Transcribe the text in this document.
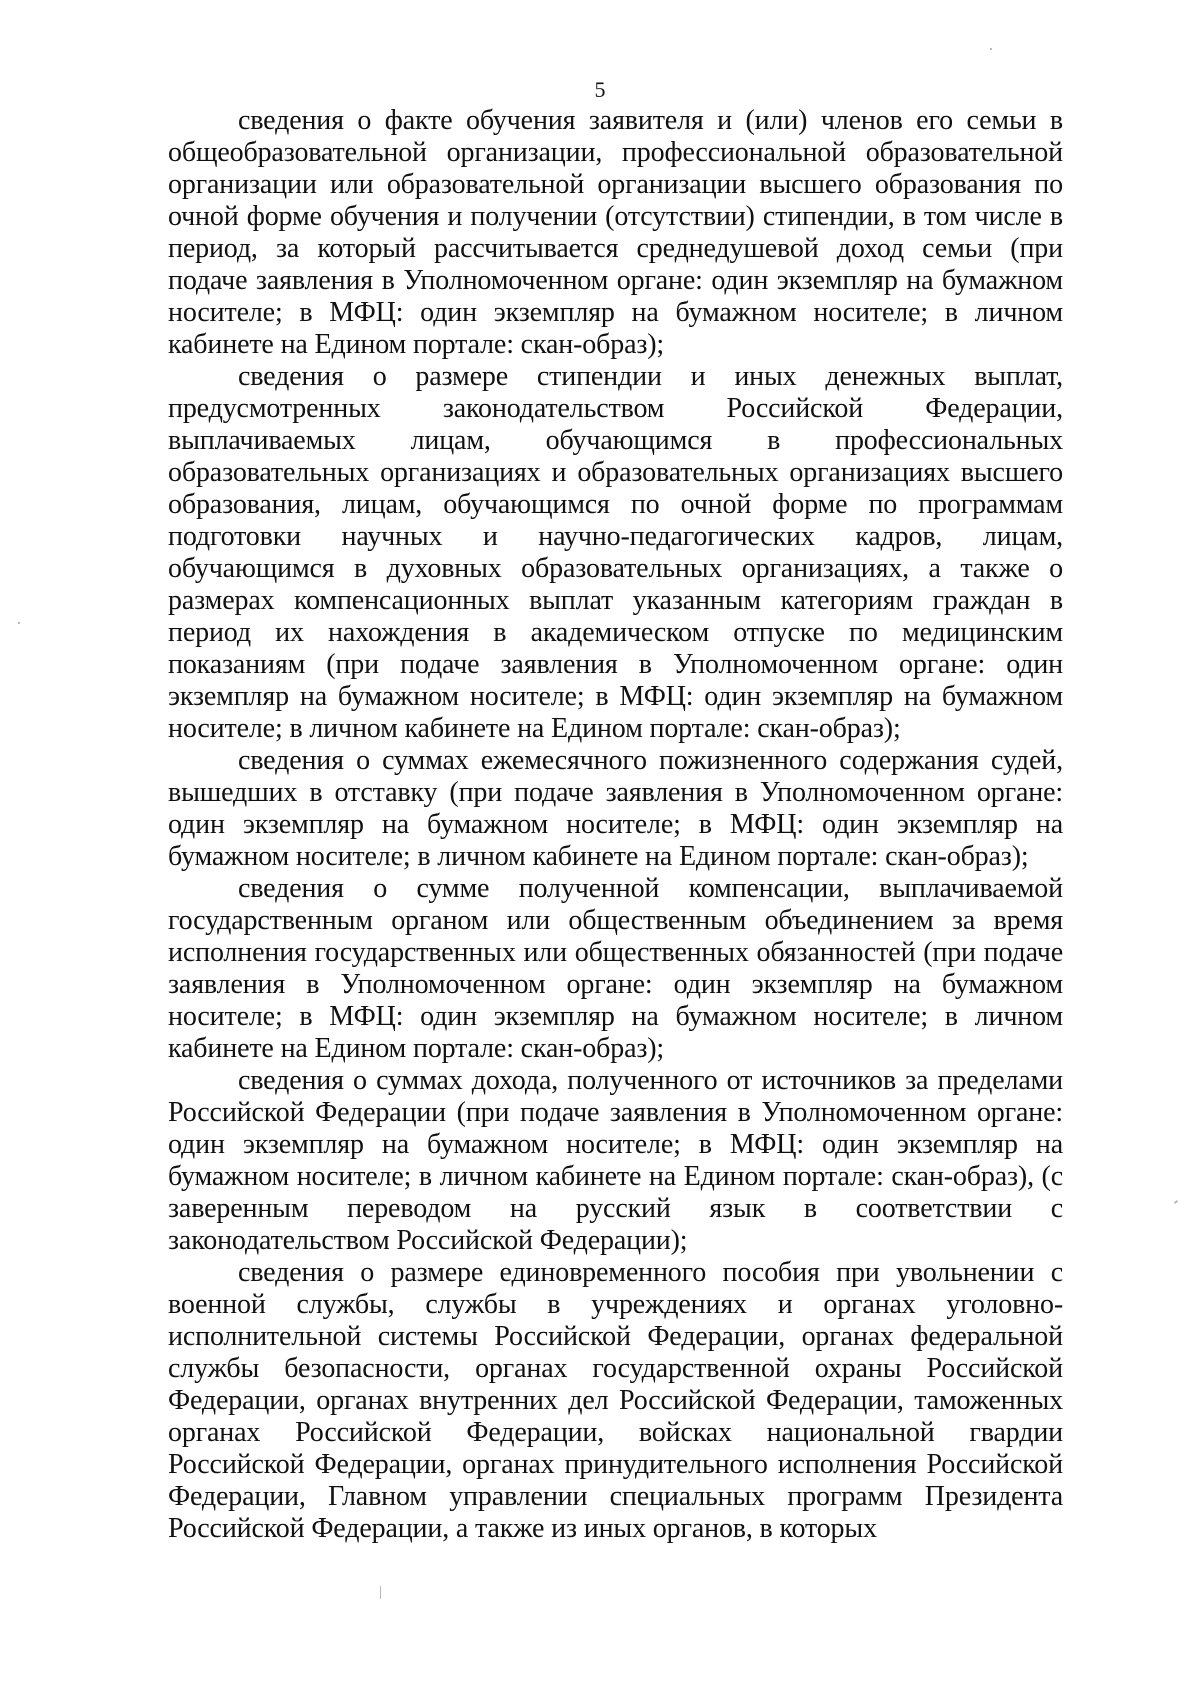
5

сведения о факте обучения заявителя и (или) членов его семьи в общеобразовательной организации, профессиональной образовательной организации или образовательной организации высшего образования по очной форме обучения и получении (отсутствии) стипендии, в том числе в период, за который рассчитывается среднедушевой доход семьи (при подаче заявления в Уполномоченном органе: один экземпляр на бумажном носителе; в МФЦ: один экземпляр на бумажном носителе; в личном кабинете на Едином портале: скан-образ);

сведения о размере стипендии и иных денежных выплат, предусмотренных законодательством Российской Федерации, выплачиваемых лицам, обучающимся в профессиональных образовательных организациях и образовательных организациях высшего образования, лицам, обучающимся по очной форме по программам подготовки научных и научно-педагогических кадров, лицам, обучающимся в духовных образовательных организациях, а также о размерах компенсационных выплат указанным категориям граждан в период их нахождения в академическом отпуске по медицинским показаниям (при подаче заявления в Уполномоченном органе: один экземпляр на бумажном носителе; в МФЦ: один экземпляр на бумажном носителе; в личном кабинете на Едином портале: скан-образ);

сведения о суммах ежемесячного пожизненного содержания судей, вышедших в отставку (при подаче заявления в Уполномоченном органе: один экземпляр на бумажном носителе; в МФЦ: один экземпляр на бумажном носителе; в личном кабинете на Едином портале: скан-образ);

сведения о сумме полученной компенсации, выплачиваемой государственным органом или общественным объединением за время исполнения государственных или общественных обязанностей (при подаче заявления в Уполномоченном органе: один экземпляр на бумажном носителе; в МФЦ: один экземпляр на бумажном носителе; в личном кабинете на Едином портале: скан-образ);

сведения о суммах дохода, полученного от источников за пределами Российской Федерации (при подаче заявления в Уполномоченном органе: один экземпляр на бумажном носителе; в МФЦ: один экземпляр на бумажном носителе; в личном кабинете на Едином портале: скан-образ), (с заверенным переводом на русский язык в соответствии с законодательством Российской Федерации);

сведения о размере единовременного пособия при увольнении с военной службы, службы в учреждениях и органах уголовно-исполнительной системы Российской Федерации, органах федеральной службы безопасности, органах государственной охраны Российской Федерации, органах внутренних дел Российской Федерации, таможенных органах Российской Федерации, войсках национальной гвардии Российской Федерации, органах принудительного исполнения Российской Федерации, Главном управлении специальных программ Президента Российской Федерации, а также из иных органов, в которых
